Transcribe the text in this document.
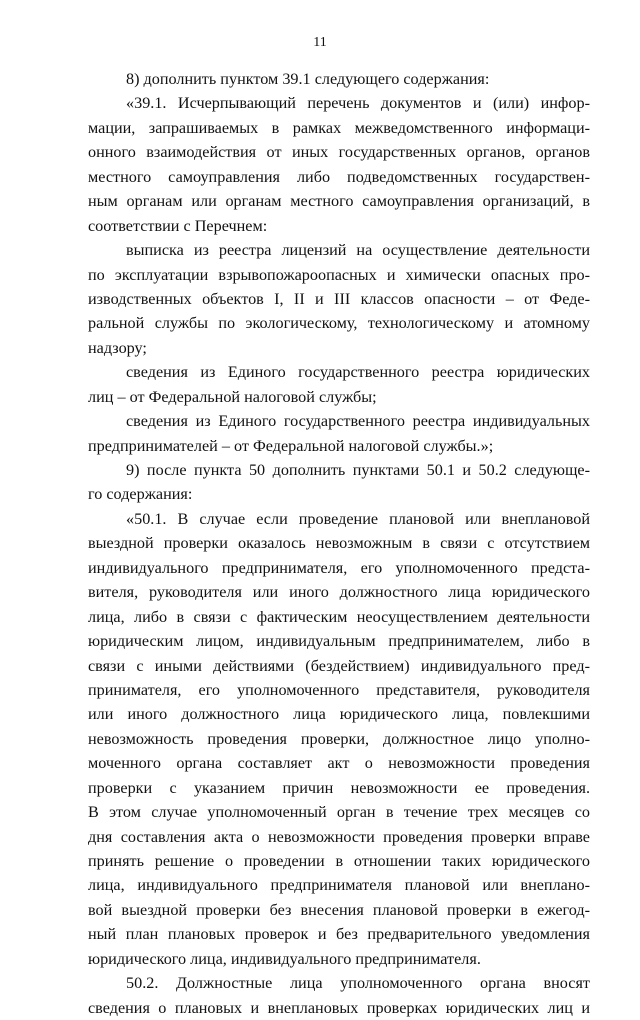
11
8) дополнить пунктом 39.1 следующего содержания:
«39.1. Исчерпывающий перечень документов и (или) инфор-
мации, запрашиваемых в рамках межведомственного информаци-
онного взаимодействия от иных государственных органов, органов
местного самоуправления либо подведомственных государствен-
ным органам или органам местного самоуправления организаций, в
соответствии с Перечнем:
выписка из реестра лицензий на осуществление деятельности
по эксплуатации взрывопожароопасных и химически опасных про-
изводственных объектов I, II и III классов опасности – от Феде-
ральной службы по экологическому, технологическому и атомному
надзору;
сведения из Единого государственного реестра юридических
лиц – от Федеральной налоговой службы;
сведения из Единого государственного реестра индивидуальных
предпринимателей – от Федеральной налоговой службы.»;
9) после пункта 50 дополнить пунктами 50.1 и 50.2 следующе-
го содержания:
«50.1. В случае если проведение плановой или внеплановой
выездной проверки оказалось невозможным в связи с отсутствием
индивидуального предпринимателя, его уполномоченного предста-
вителя, руководителя или иного должностного лица юридического
лица, либо в связи с фактическим неосуществлением деятельности
юридическим лицом, индивидуальным предпринимателем, либо в
связи с иными действиями (бездействием) индивидуального пред-
принимателя, его уполномоченного представителя, руководителя
или иного должностного лица юридического лица, повлекшими
невозможность проведения проверки, должностное лицо уполно-
моченного органа составляет акт о невозможности проведения
проверки с указанием причин невозможности ее проведения.
В этом случае уполномоченный орган в течение трех месяцев со
дня составления акта о невозможности проведения проверки вправе
принять решение о проведении в отношении таких юридического
лица, индивидуального предпринимателя плановой или внеплано-
вой выездной проверки без внесения плановой проверки в ежегод-
ный план плановых проверок и без предварительного уведомления
юридического лица, индивидуального предпринимателя.
50.2. Должностные лица уполномоченного органа вносят
сведения о плановых и внеплановых проверках юридических лиц и
